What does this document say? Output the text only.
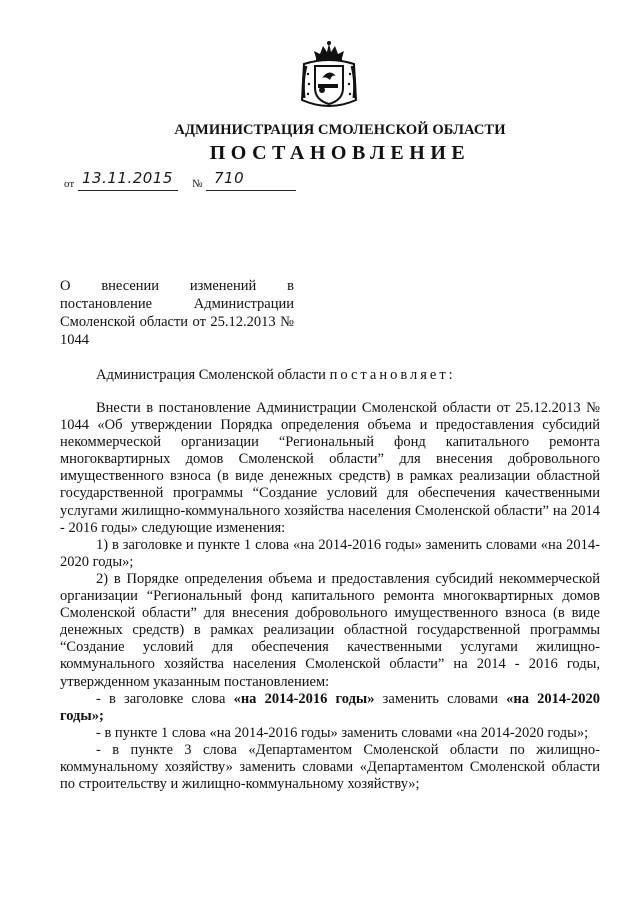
АДМИНИСТРАЦИЯ СМОЛЕНСКОЙ ОБЛАСТИ
ПОСТАНОВЛЕНИЕ
от 13.11.2015 № 710
О внесении изменений в
постановление Администрации Смоленской области от 25.12.2013 № 1044
Администрация Смоленской области постановляет:

Внести в постановление Администрации Смоленской области от 25.12.2013 № 1044 «Об утверждении Порядка определения объема и предоставления субсидий некоммерческой организации “Региональный фонд капитального ремонта многоквартирных домов Смоленской области” для внесения добровольного имущественного взноса (в виде денежных средств) в рамках реализации областной государственной программы “Создание условий для обеспечения качественными услугами жилищно-коммунального хозяйства населения Смоленской области” на 2014 - 2016 годы» следующие изменения:

1) в заголовке и пункте 1 слова «на 2014-2016 годы» заменить словами «на 2014-2020 годы»;

2) в Порядке определения объема и предоставления субсидий некоммерческой организации “Региональный фонд капитального ремонта многоквартирных домов Смоленской области” для внесения добровольного имущественного взноса (в виде денежных средств) в рамках реализации областной государственной программы “Создание условий для обеспечения качественными услугами жилищно-коммунального хозяйства населения Смоленской области” на 2014 - 2016 годы, утвержденном указанным постановлением:

- в заголовке слова «на 2014-2016 годы» заменить словами «на 2014-2020 годы»;

- в пункте 1 слова «на 2014-2016 годы» заменить словами «на 2014-2020 годы»;

- в пункте 3 слова «Департаментом Смоленской области по жилищно-коммунальному хозяйству» заменить словами «Департаментом Смоленской области по строительству и жилищно-коммунальному хозяйству»;
